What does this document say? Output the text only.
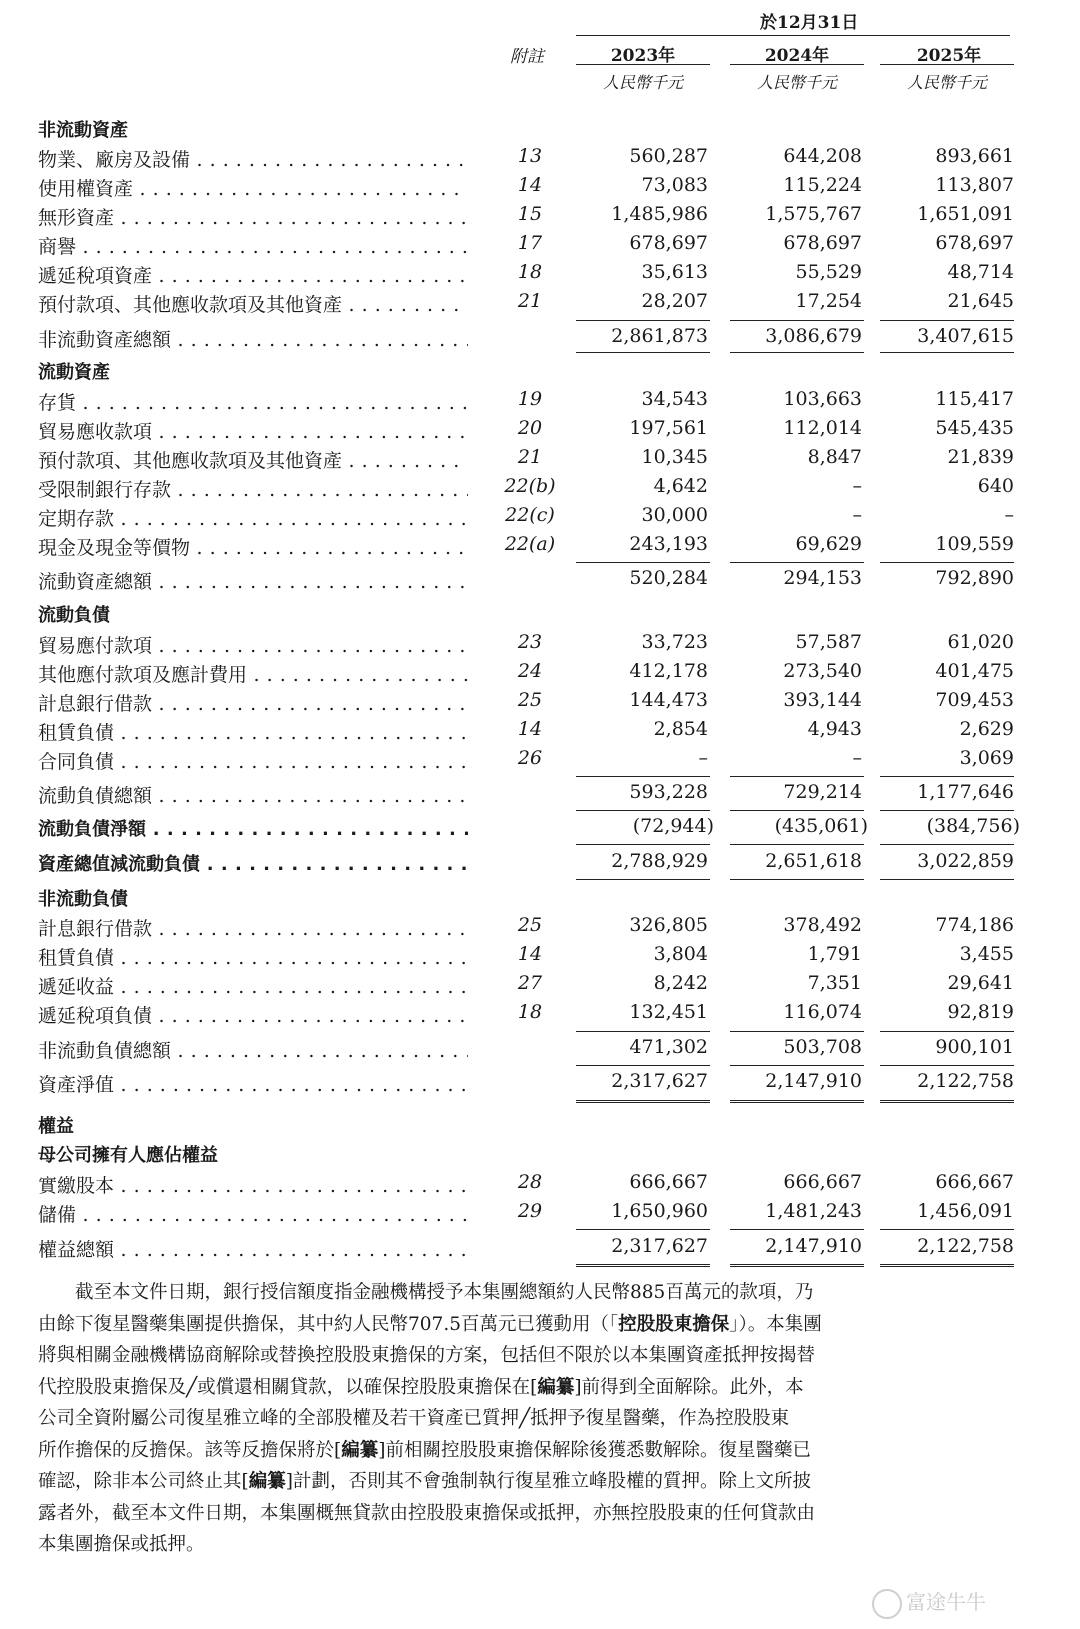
於12月31日
附註	2023年	2024年	2025年
人民幣千元	人民幣千元	人民幣千元
非流動資產
物業、廠房及設備 . . .	13	560,287	644,208	893,661
使用權資產 . . .	14	73,083	115,224	113,807
無形資產 . . .	15	1,485,986	1,575,767	1,651,091
商譽 . . .	17	678,697	678,697	678,697
遞延稅項資產 . . .	18	35,613	55,529	48,714
預付款項、其他應收款項及其他資產 . . .	21	28,207	17,254	21,645
非流動資產總額 . . .	2,861,873	3,086,679	3,407,615
流動資產
存貨 . . .	19	34,543	103,663	115,417
貿易應收款項 . . .	20	197,561	112,014	545,435
預付款項、其他應收款項及其他資產 . . .	21	10,345	8,847	21,839
受限制銀行存款 . . .	22(b)	4,642	–	640
定期存款 . . .	22(c)	30,000	–	–
現金及現金等價物 . . .	22(a)	243,193	69,629	109,559
流動資產總額 . . .	520,284	294,153	792,890
流動負債
貿易應付款項 . . .	23	33,723	57,587	61,020
其他應付款項及應計費用 . . .	24	412,178	273,540	401,475
計息銀行借款 . . .	25	144,473	393,144	709,453
租賃負債 . . .	14	2,854	4,943	2,629
合同負債 . . .	26	–	–	3,069
流動負債總額 . . .	593,228	729,214	1,177,646
流動負債淨額 . . .	(72,944)	(435,061)	(384,756)
資產總值減流動負債 . . .	2,788,929	2,651,618	3,022,859
非流動負債
計息銀行借款 . . .	25	326,805	378,492	774,186
租賃負債 . . .	14	3,804	1,791	3,455
遞延收益 . . .	27	8,242	7,351	29,641
遞延稅項負債 . . .	18	132,451	116,074	92,819
非流動負債總額 . . .	471,302	503,708	900,101
資產淨值 . . .	2,317,627	2,147,910	2,122,758
權益
母公司擁有人應佔權益
實繳股本 . . .	28	666,667	666,667	666,667
儲備 . . .	29	1,650,960	1,481,243	1,456,091
權益總額 . . .	2,317,627	2,147,910	2,122,758
截至本文件日期，銀行授信額度指金融機構授予本集團總額約人民幣885百萬元的款項，乃
由餘下復星醫藥集團提供擔保，其中約人民幣707.5百萬元已獲動用（「控股股東擔保」）。本集團
將與相關金融機構協商解除或替換控股股東擔保的方案，包括但不限於以本集團資產抵押按揭替
代控股股東擔保及╱或償還相關貸款，以確保控股股東擔保在[編纂]前得到全面解除。此外，本
公司全資附屬公司復星雅立峰的全部股權及若干資產已質押╱抵押予復星醫藥，作為控股股東
所作擔保的反擔保。該等反擔保將於[編纂]前相關控股股東擔保解除後獲悉數解除。復星醫藥已
確認，除非本公司終止其[編纂]計劃，否則其不會強制執行復星雅立峰股權的質押。除上文所披
露者外，截至本文件日期，本集團概無貸款由控股股東擔保或抵押，亦無控股股東的任何貸款由
本集團擔保或抵押。
富途牛牛
